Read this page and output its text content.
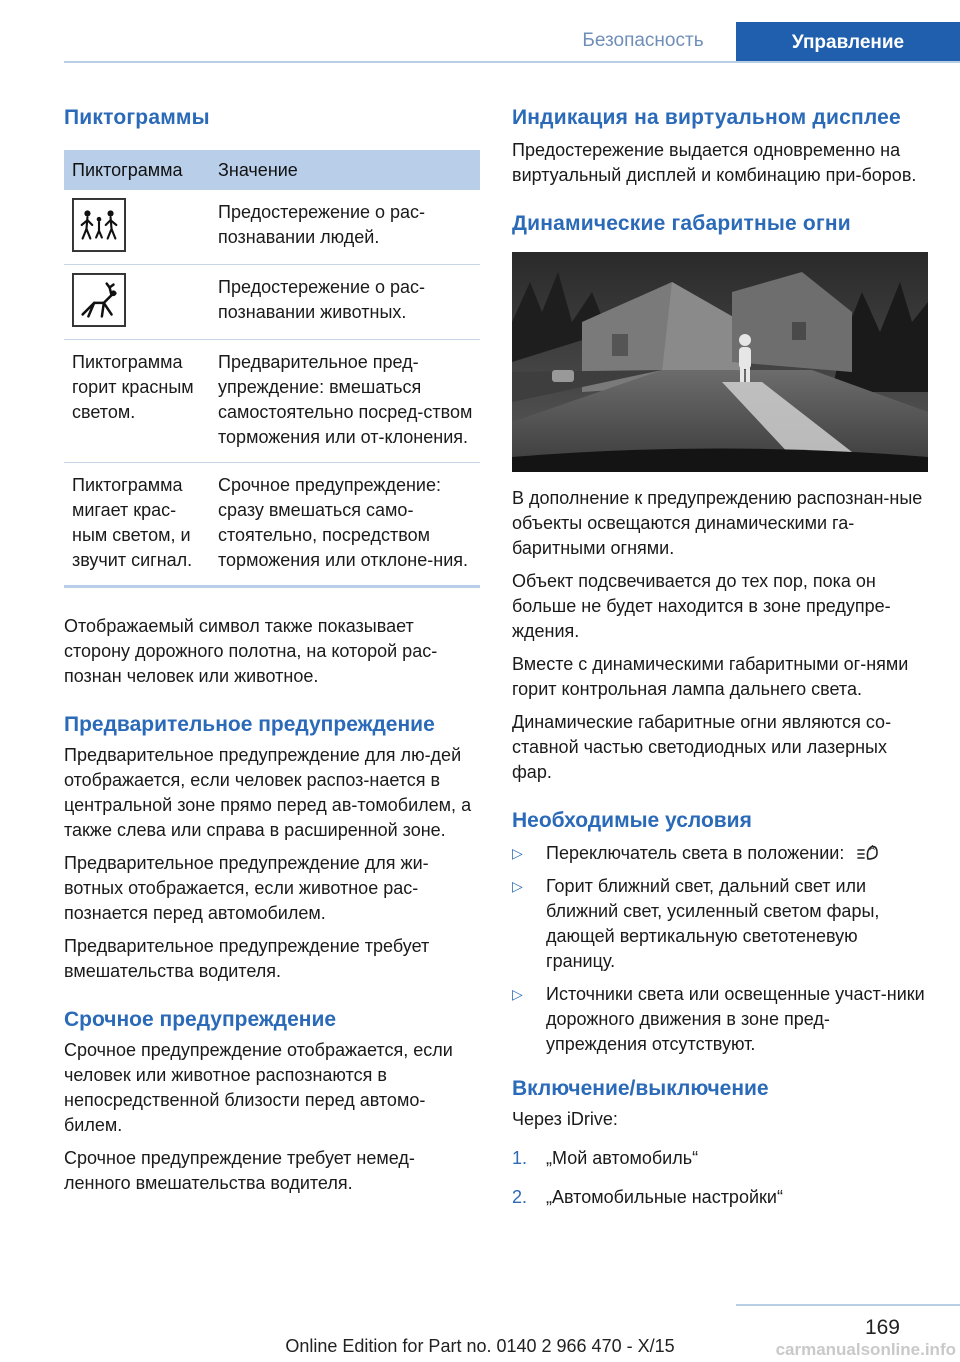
Безопасность	Управление
Пиктограммы
Пиктограмма	Значение

	Предостережение о рас-познавании людей.

	Предостережение о рас-познавании животных.
Пиктограмма горит красным светом.	Предварительное пред-упреждение: вмешаться самостоятельно посред-ством торможения или от-клонения.
Пиктограмма мигает крас-ным светом, и звучит сигнал.	Срочное предупреждение: сразу вмешаться само-стоятельно, посредством торможения или отклоне-ния.

Отображаемый символ также показывает сторону дорожного полотна, на которой рас-познан человек или животное.

Предварительное предупреждение

Предварительное предупреждение для лю-дей отображается, если человек распоз-нается в центральной зоне прямо перед ав-томобилем, а также слева или справа в расширенной зоне.

Предварительное предупреждение для жи-вотных отображается, если животное рас-познается перед автомобилем.

Предварительное предупреждение требует вмешательства водителя.

Срочное предупреждение

Срочное предупреждение отображается, если человек или животное распознаются в непосредственной близости перед автомо-билем.

Срочное предупреждение требует немед-ленного вмешательства водителя.

Индикация на виртуальном дисплее

Предостережение выдается одновременно на виртуальный дисплей и комбинацию при-боров.

Динамические габаритные огни

В дополнение к предупреждению распознан-ные объекты освещаются динамическими га-баритными огнями.

Объект подсвечивается до тех пор, пока он больше не будет находится в зоне предупре-ждения.

Вместе с динамическими габаритными ог-нями горит контрольная лампа дальнего света.

Динамические габаритные огни являются со-ставной частью светодиодных или лазерных фар.

Необходимые условия
▷ Переключатель света в положении:	A
▷ Горит ближний свет, дальний свет или ближний свет, усиленный светом фары, дающей вертикальную светотеневую границу.
▷ Источники света или освещенные участ-ники дорожного движения в зоне пред-упреждения отсутствуют.
Включение/выключение

Через iDrive:

1. „Мой автомобиль“
2. „Автомобильные настройки“
169
Online Edition for Part no. 0140 2 966 470 - X/15	carmanualsonline.info
